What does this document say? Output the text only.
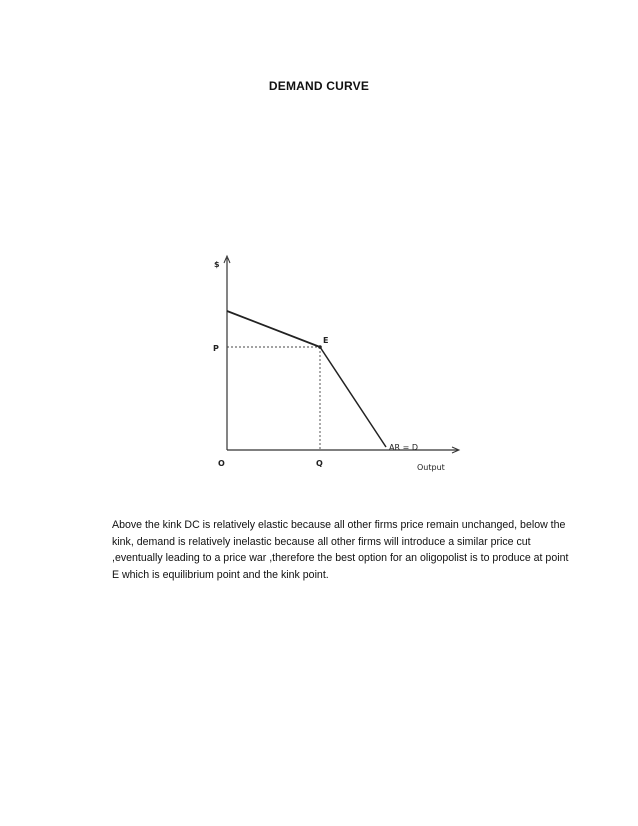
DEMAND CURVE
$
P
E
O	Q
AR = D
Output

Above the kink DC is relatively elastic because all other firms price remain unchanged, below the kink, demand is relatively inelastic because all other firms will introduce a similar price cut ,eventually leading to a price war ,therefore the best option for an oligopolist is to produce at point E which is equilibrium point and the kink point.
